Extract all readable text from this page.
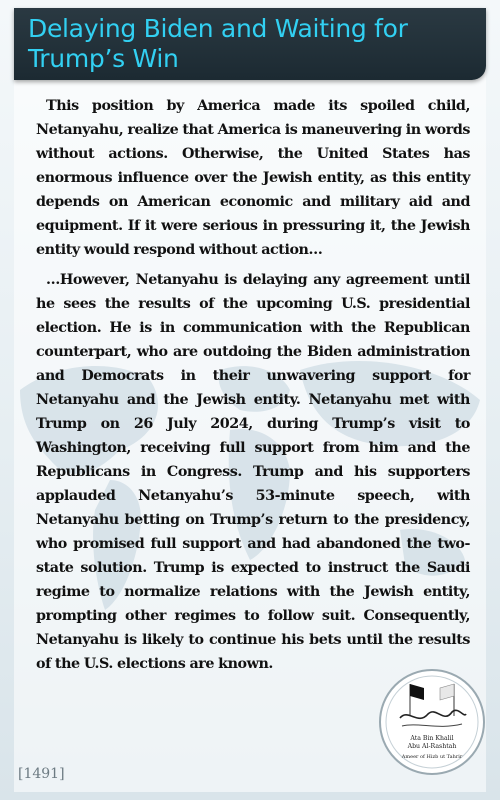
Delaying Biden and Waiting for
Trump’s Win

This position by America made its spoiled child, Netanyahu, realize that America is maneuvering in words without actions. Otherwise, the United States has enormous influence over the Jewish entity, as this entity depends on American economic and military aid and equipment. If it were serious in pressuring it, the Jewish entity would respond without action…

…However, Netanyahu is delaying any agreement until he sees the results of the upcoming U.S. presidential election. He is in communication with the Republican counterpart, who are outdoing the Biden administration and Democrats in their unwavering support for Netanyahu and the Jewish entity. Netanyahu met with Trump on 26 July 2024, during Trump’s visit to Washington, receiving full support from him and the Republicans in Congress. Trump and his supporters applauded Netanyahu’s 53-minute speech, with Netanyahu betting on Trump’s return to the presidency, who promised full support and had abandoned the two-state solution. Trump is expected to instruct the Saudi regime to normalize relations with the Jewish entity, prompting other regimes to follow suit. Consequently, Netanyahu is likely to continue his bets until the results of the U.S. elections are known.

[1491]
Ata Bin Khalil
Abu Al-Rashtah
Ameer of Hizb ut Tahrir
